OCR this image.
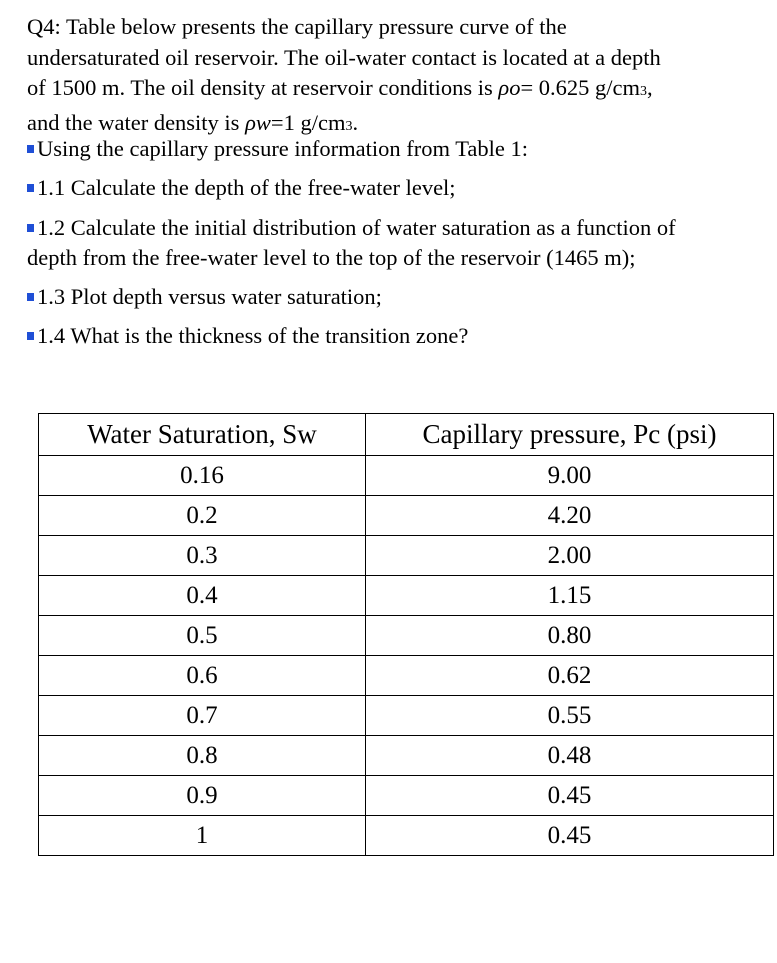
Q4: Table below presents the capillary pressure curve of the

undersaturated oil reservoir. The oil-water contact is located at a depth

of 1500 m. The oil density at reservoir conditions is ρo= 0.625 g/cm3,

and the water density is ρw=1 g/cm3.

Using the capillary pressure information from Table 1:
1.1 Calculate the depth of the free-water level;
1.2 Calculate the initial distribution of water saturation as a function of
depth from the free-water level to the top of the reservoir (1465 m);
1.3 Plot depth versus water saturation;
1.4 What is the thickness of the transition zone?
Water Saturation, Sw	Capillary pressure, Pc (psi)
0.16	9.00
0.2	4.20
0.3	2.00
0.4	1.15
0.5	0.80
0.6	0.62
0.7	0.55
0.8	0.48
0.9	0.45
1	0.45
